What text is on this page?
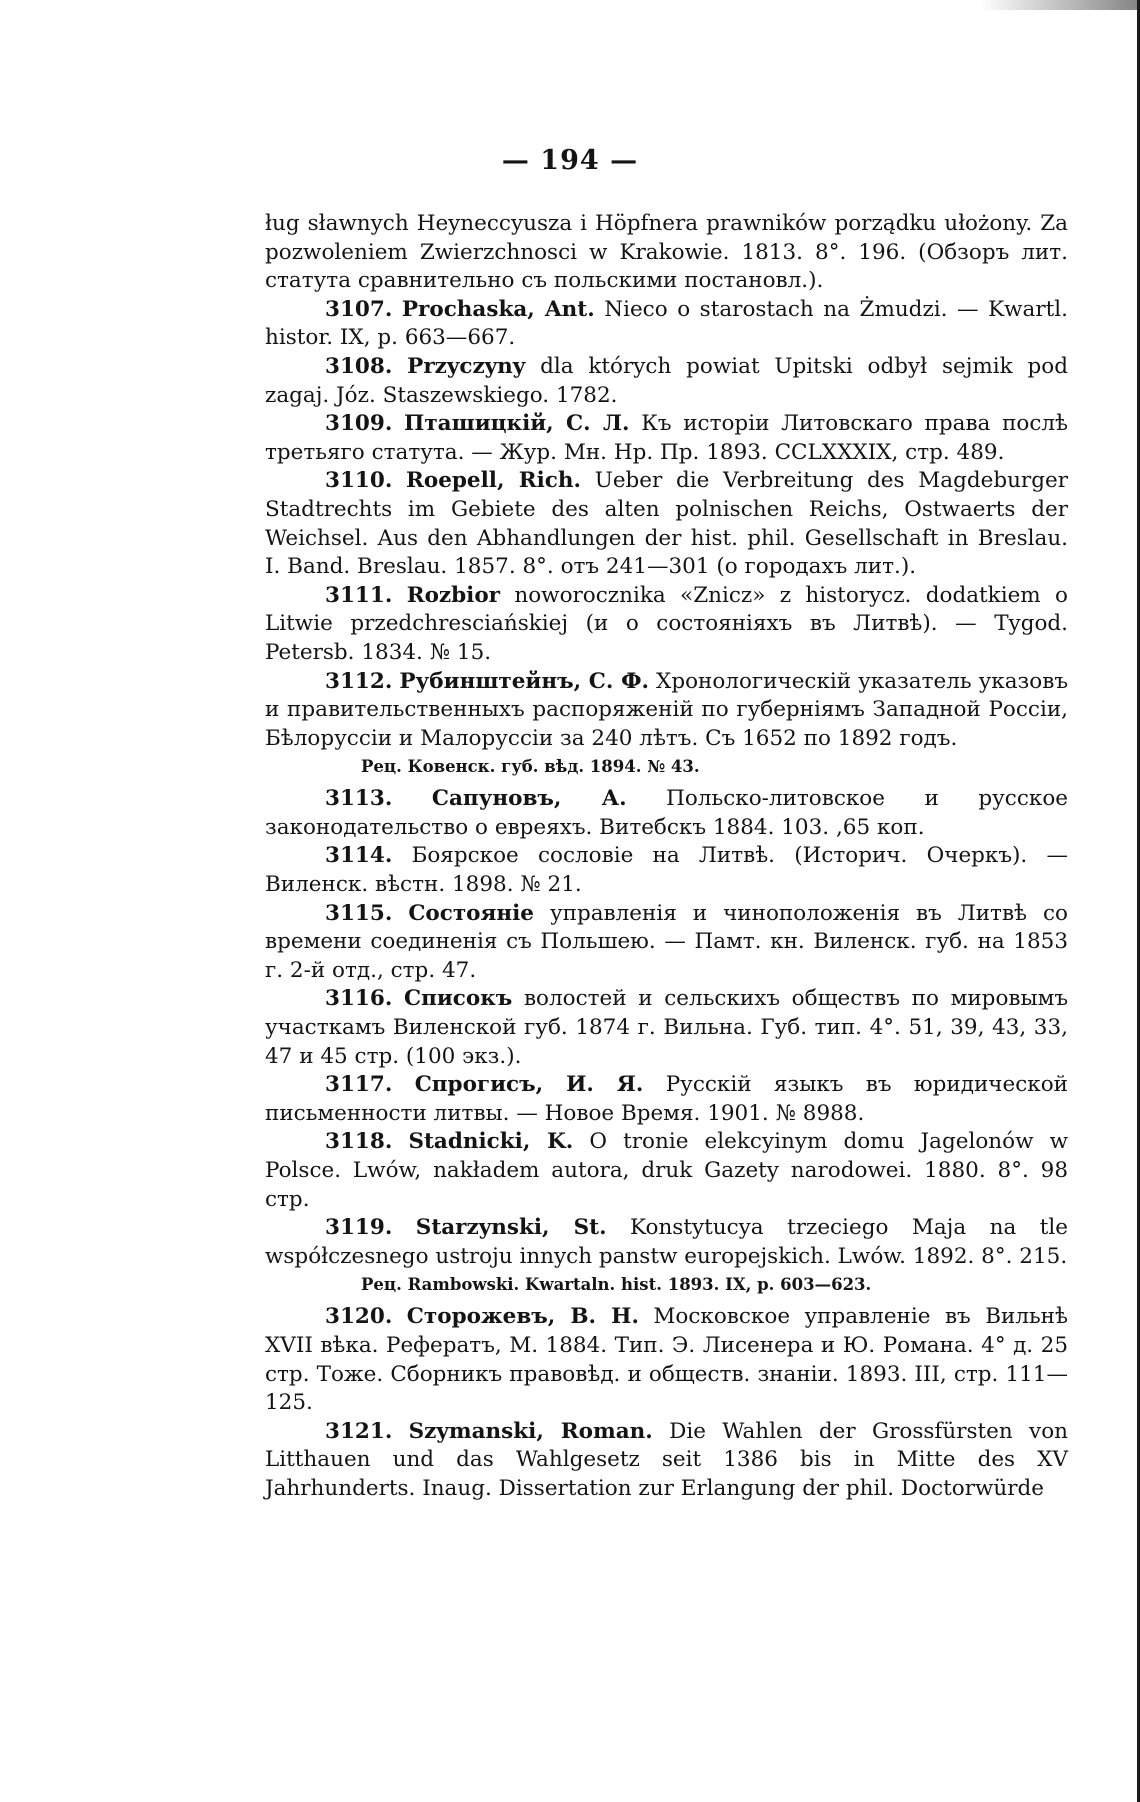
— 194 —

ług sławnych Heyneccyusza i Höpfnera prawników porządku ułożony. Za pozwoleniem Zwierzchnosci w Krakowie. 1813. 8°. 196. (Обзоръ лит. статута сравнительно съ польскими постановл.).

3107. Prochaska, Ant. Nieco o starostach na Żmudzi. — Kwartl. histor. IX, p. 663—667.

3108. Przyczyny dla których powiat Upitski odbył sejmik pod zagaj. Józ. Staszewskiego. 1782.

3109. Пташицкій, С. Л. Къ исторіи Литовскаго права послѣ третьяго статута. — Жур. Мн. Нр. Пр. 1893. CCLXXXIX, стр. 489.

3110. Roepell, Rich. Ueber die Verbreitung des Magdeburger Stadtrechts im Gebiete des alten polnischen Reichs, Ostwaerts der Weichsel. Aus den Abhandlungen der hist. phil. Gesellschaft in Breslau. I. Band. Breslau. 1857. 8°. отъ 241—301 (о городахъ лит.).

3111. Rozbior noworocznika «Znicz» z historycz. dodatkiem o Litwie przedchresciańskiej (и о состояніяхъ въ Литвѣ). — Tygod. Petersb. 1834. № 15.

3112. Рубинштейнъ, С. Ф. Хронологическій указатель указовъ и правительственныхъ распоряженій по губерніямъ Западной Россіи, Бѣлоруссіи и Малоруссіи за 240 лѣтъ. Съ 1652 по 1892 годъ.

Рец. Ковенск. губ. вѣд. 1894. № 43.

3113. Сапуновъ, А. Польско-литовское и русское законодательство о евреяхъ. Витебскъ 1884. 103. ,65 коп.

3114. Боярское сословіе на Литвѣ. (Историч. Очеркъ). — Виленск. вѣстн. 1898. № 21.

3115. Состояніе управленія и чиноположенія въ Литвѣ со времени соединенія съ Польшею. — Памт. кн. Виленск. губ. на 1853 г. 2-й отд., стр. 47.

3116. Списокъ волостей и сельскихъ обществъ по мировымъ участкамъ Виленской губ. 1874 г. Вильна. Губ. тип. 4°. 51, 39, 43, 33, 47 и 45 стр. (100 экз.).

3117. Спрогисъ, И. Я. Русскій языкъ въ юридической письменности литвы. — Новое Время. 1901. № 8988.

3118. Stadnicki, K. O tronie elekcyinym domu Jagelonów w Polsce. Lwów, nakładem autora, druk Gazety narodowei. 1880. 8°. 98 стр.

3119. Starzynski, St. Konstytucya trzeciego Maja na tle współczesnego ustroju innych panstw europejskich. Lwów. 1892. 8°. 215.

Рец. Rambowski. Kwartaln. hist. 1893. IX, p. 603—623.

3120. Сторожевъ, В. Н. Московское управленіе въ Вильнѣ XVII вѣка. Рефератъ, М. 1884. Тип. Э. Лисенера и Ю. Романа. 4° д. 25 стр. Тоже. Сборникъ правовѣд. и обществ. знаніи. 1893. III, стр. 111—125.

3121. Szymanski, Roman. Die Wahlen der Grossfürsten von Litthauen und das Wahlgesetz seit 1386 bis in Mitte des XV Jahrhunderts. Inaug. Dissertation zur Erlangung der phil. Doctorwürde
